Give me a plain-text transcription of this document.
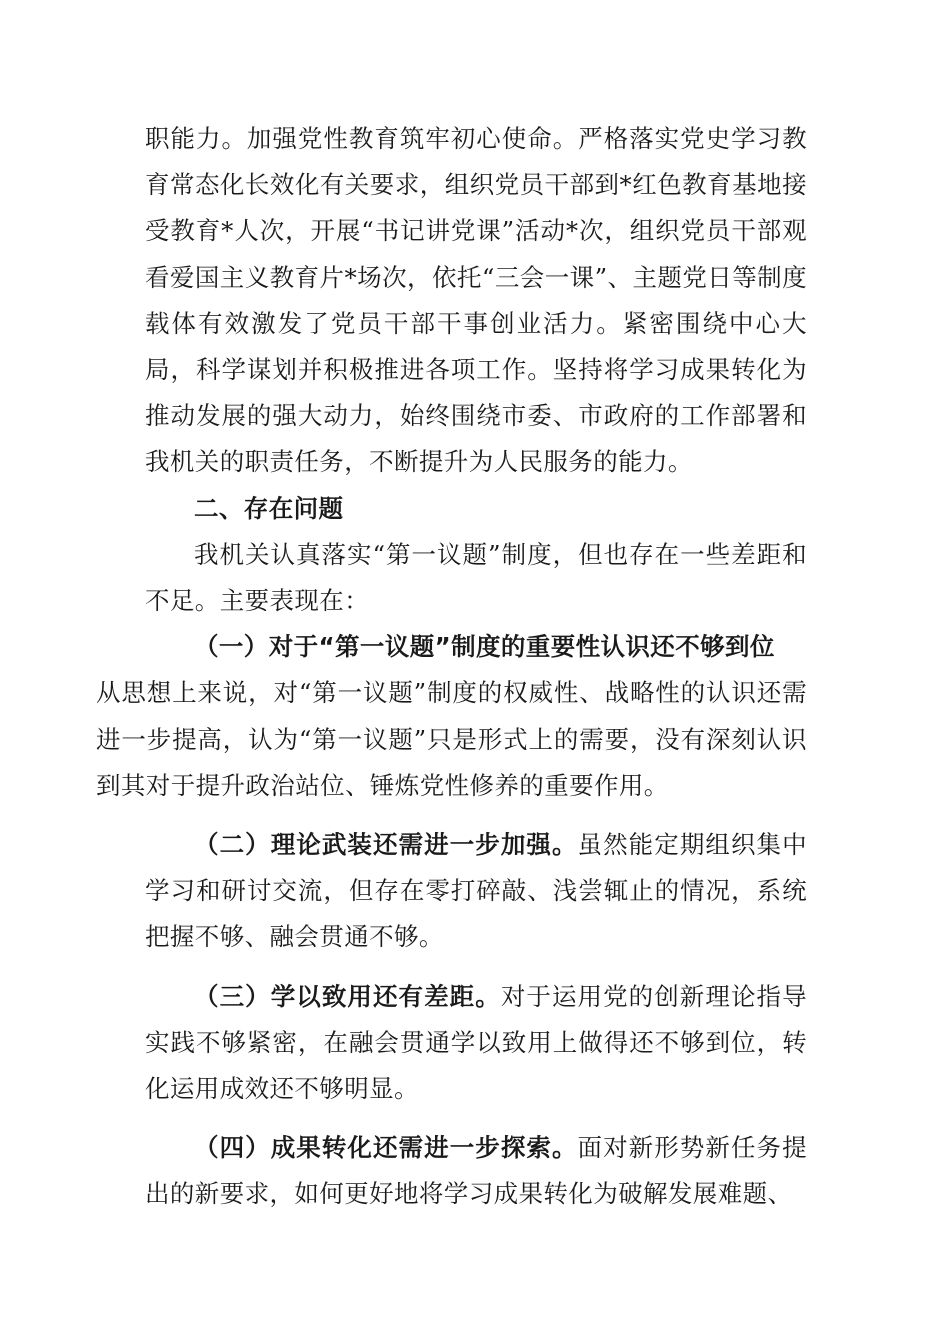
职能力。加强党性教育筑牢初心使命。严格落实党史学习教育常态化长效化有关要求，组织党员干部到*红色教育基地接受教育*人次，开展“书记讲党课”活动*次，组织党员干部观看爱国主义教育片*场次，依托“三会一课”、主题党日等制度载体有效激发了党员干部干事创业活力。紧密围绕中心大局，科学谋划并积极推进各项工作。坚持将学习成果转化为推动发展的强大动力，始终围绕市委、市政府的工作部署和我机关的职责任务，不断提升为人民服务的能力。

二、存在问题

我机关认真落实“第一议题”制度，但也存在一些差距和不足。主要表现在：

（一）对于“第一议题”制度的重要性认识还不够到位
从思想上来说，对“第一议题”制度的权威性、战略性的认识还需进一步提高，认为“第一议题”只是形式上的需要，没有深刻认识到其对于提升政治站位、锤炼党性修养的重要作用。

（二）理论武装还需进一步加强。虽然能定期组织集中学习和研讨交流，但存在零打碎敲、浅尝辄止的情况，系统把握不够、融会贯通不够。

（三）学以致用还有差距。对于运用党的创新理论指导实践不够紧密，在融会贯通学以致用上做得还不够到位，转化运用成效还不够明显。

（四）成果转化还需进一步探索。面对新形势新任务提出的新要求，如何更好地将学习成果转化为破解发展难题、
